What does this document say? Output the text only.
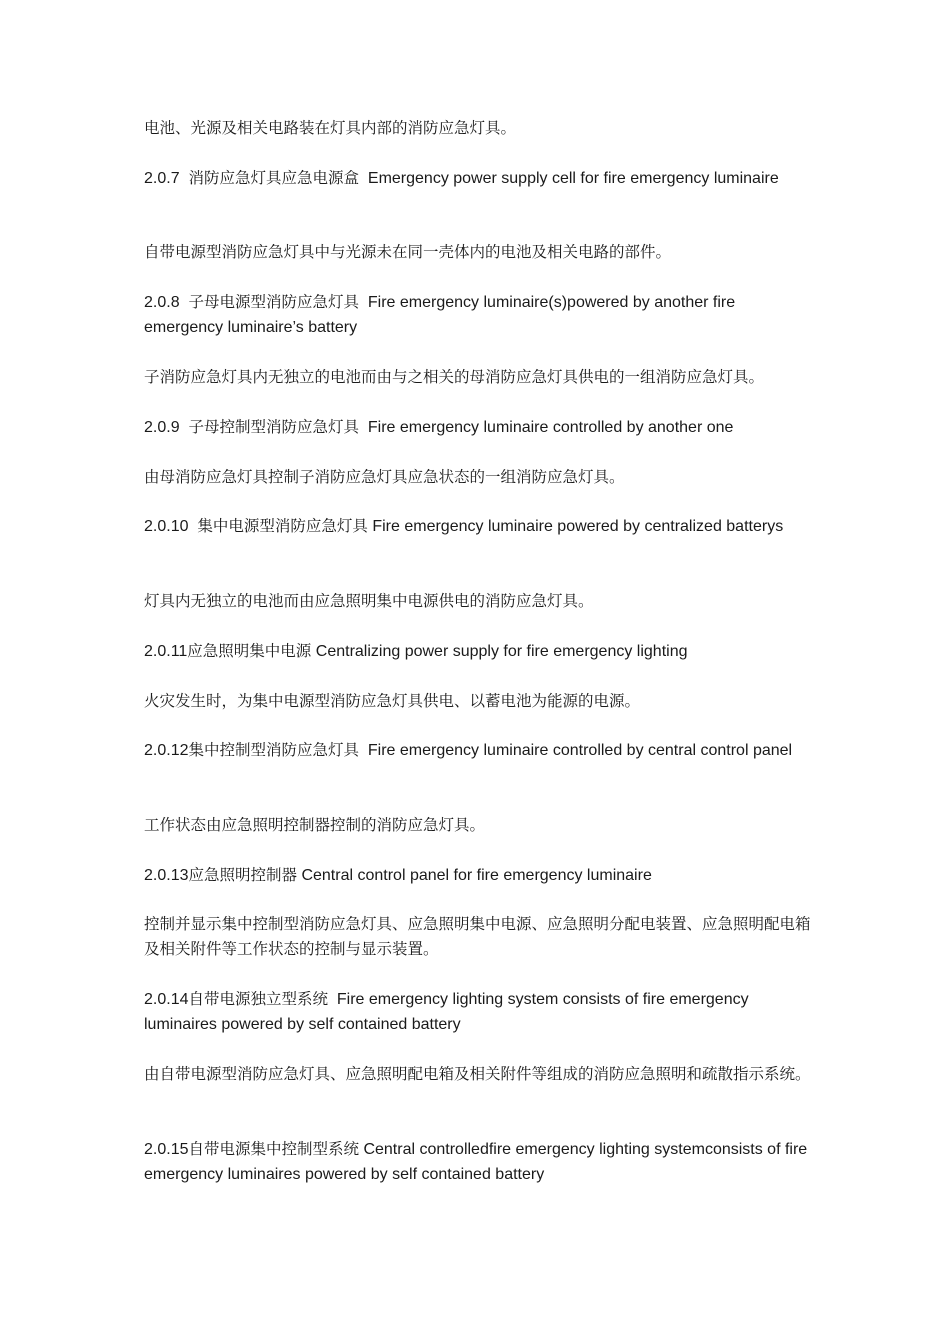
电池、光源及相关电路装在灯具内部的消防应急灯具。

2.0.7 消防应急灯具应急电源盒 Emergency power supply cell for fire emergency luminaire

自带电源型消防应急灯具中与光源未在同一壳体内的电池及相关电路的部件。

2.0.8 子母电源型消防应急灯具 Fire emergency luminaire(s)powered by another fire emergency luminaire’s battery

子消防应急灯具内无独立的电池而由与之相关的母消防应急灯具供电的一组消防应急灯具。

2.0.9 子母控制型消防应急灯具 Fire emergency luminaire controlled by another one

由母消防应急灯具控制子消防应急灯具应急状态的一组消防应急灯具。

2.0.10 集中电源型消防应急灯具 Fire emergency luminaire powered by centralized batterys

灯具内无独立的电池而由应急照明集中电源供电的消防应急灯具。

2.0.11应急照明集中电源 Centralizing power supply for fire emergency lighting

火灾发生时，为集中电源型消防应急灯具供电、以蓄电池为能源的电源。

2.0.12集中控制型消防应急灯具 Fire emergency luminaire controlled by central control panel

工作状态由应急照明控制器控制的消防应急灯具。

2.0.13应急照明控制器 Central control panel for fire emergency luminaire

控制并显示集中控制型消防应急灯具、应急照明集中电源、应急照明分配电装置、应急照明配电箱及相关附件等工作状态的控制与显示装置。

2.0.14自带电源独立型系统 Fire emergency lighting system consists of fire emergency luminaires powered by self contained battery

由自带电源型消防应急灯具、应急照明配电箱及相关附件等组成的消防应急照明和疏散指示系统。

2.0.15自带电源集中控制型系统 Central controlledfire emergency lighting systemconsists of fire emergency luminaires powered by self contained battery
